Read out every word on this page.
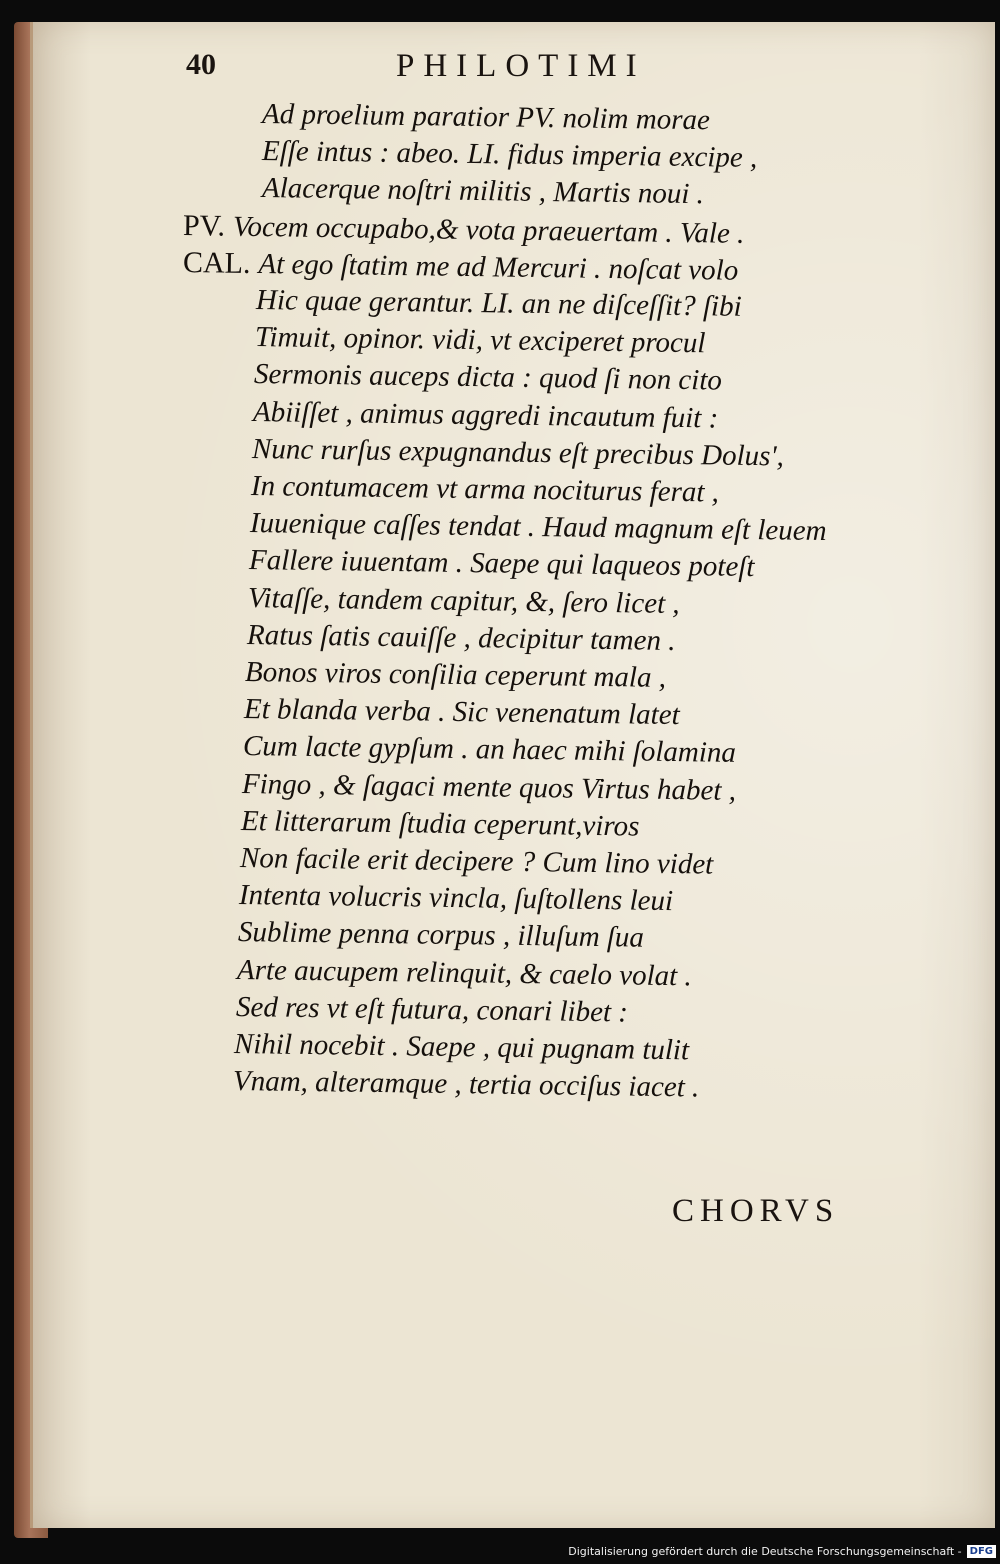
40	PHILOTIMI
Ad proelium paratior PV. nolim morae
Eſſe intus : abeo. LI. fidus imperia excipe ,
Alacerque noſtri militis , Martis noui .
PV. Vocem occupabo,& vota praeuertam . Vale .
CAL. At ego ſtatim me ad Mercuri . noſcat volo
Hic quae gerantur. LI. an ne diſceſſit? ſibi
Timuit, opinor. vidi, vt exciperet procul
Sermonis auceps dicta : quod ſi non cito
Abiiſſet , animus aggredi incautum fuit :
Nunc rurſus expugnandus eſt precibus Dolus',
In contumacem vt arma nociturus ferat ,
Iuuenique caſſes tendat . Haud magnum eſt leuem
Fallere iuuentam . Saepe qui laqueos poteſt
Vitaſſe, tandem capitur, &, ſero licet ,
Ratus ſatis cauiſſe , decipitur tamen .
Bonos viros conſilia ceperunt mala ,
Et blanda verba . Sic venenatum latet
Cum lacte gypſum . an haec mihi ſolamina
Fingo , & ſagaci mente quos Virtus habet ,
Et litterarum ſtudia ceperunt,viros
Non facile erit decipere ? Cum lino videt
Intenta volucris vincla, ſuſtollens leui
Sublime penna corpus , illuſum ſua
Arte aucupem relinquit, & caelo volat .
Sed res vt eſt futura, conari libet :
Nihil nocebit . Saepe , qui pugnam tulit
Vnam, alteramque , tertia occiſus iacet .
CHORVS
Digitalisierung gefördert durch die Deutsche Forschungsgemeinschaft - DFG
